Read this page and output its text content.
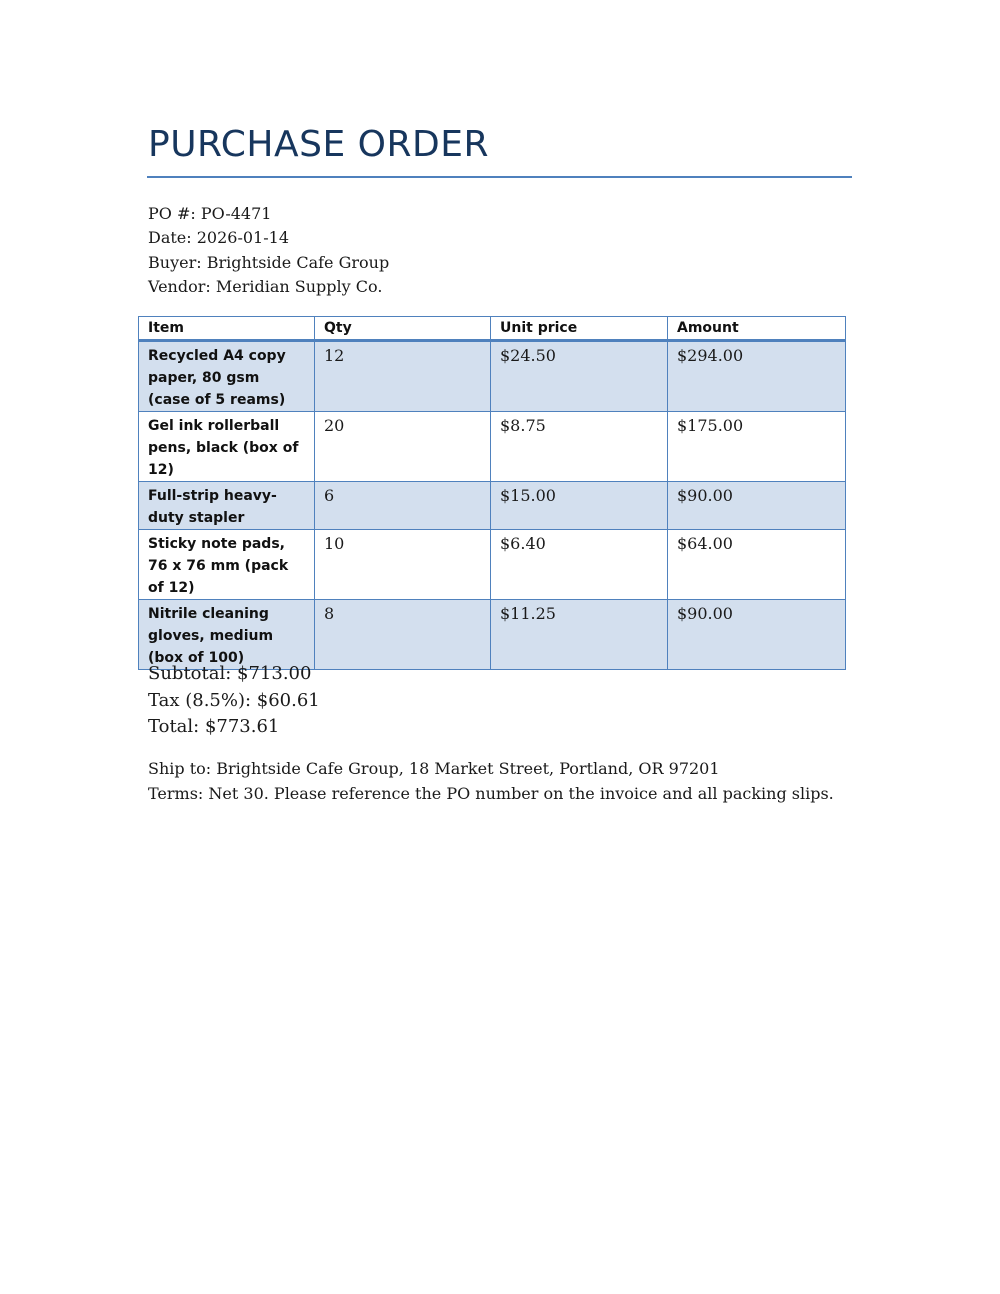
PURCHASE ORDER
PO #: PO-4471
Date: 2026-01-14
Buyer: Brightside Cafe Group
Vendor: Meridian Supply Co.
Item	Qty	Unit price	Amount
Recycled A4 copy paper, 80 gsm (case of 5 reams)	12	$24.50	$294.00
Gel ink rollerball pens, black (box of 12)	20	$8.75	$175.00
Full-strip heavy-duty stapler	6	$15.00	$90.00
Sticky note pads, 76 x 76 mm (pack of 12)	10	$6.40	$64.00
Nitrile cleaning gloves, medium (box of 100)	8	$11.25	$90.00
Subtotal: $713.00
Tax (8.5%): $60.61
Total: $773.61
Ship to: Brightside Cafe Group, 18 Market Street, Portland, OR 97201
Terms: Net 30. Please reference the PO number on the invoice and all packing slips.
